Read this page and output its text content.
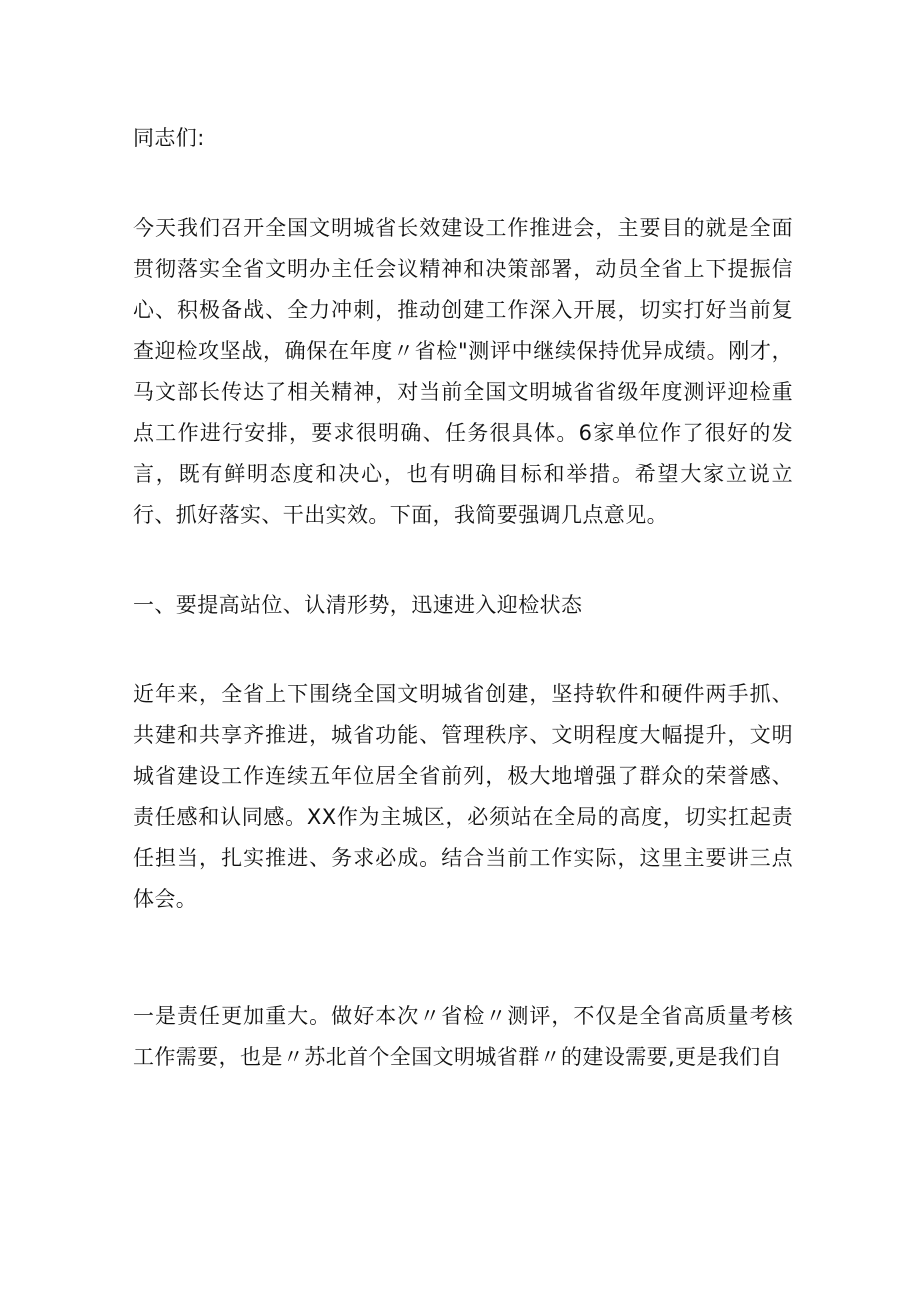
同志们:

今天我们召开全国文明城省长效建设工作推进会，主要目的就是全面贯彻落实全省文明办主任会议精神和决策部署，动员全省上下提振信心、积极备战、全力冲刺，推动创建工作深入开展，切实打好当前复查迎检攻坚战，确保在年度〃省检"测评中继续保持优异成绩。刚才，马文部长传达了相关精神，对当前全国文明城省省级年度测评迎检重点工作进行安排，要求很明确、任务很具体。6家单位作了很好的发言，既有鲜明态度和决心，也有明确目标和举措。希望大家立说立行、抓好落实、干出实效。下面，我简要强调几点意见。

一、要提高站位、认清形势，迅速进入迎检状态

近年来，全省上下围绕全国文明城省创建，坚持软件和硬件两手抓、共建和共享齐推进，城省功能、管理秩序、文明程度大幅提升，文明城省建设工作连续五年位居全省前列，极大地增强了群众的荣誉感、责任感和认同感。XX作为主城区，必须站在全局的高度，切实扛起责任担当，扎实推进、务求必成。结合当前工作实际，这里主要讲三点体会。

一是责任更加重大。做好本次〃省检〃测评，不仅是全省高质量考核工作需要，也是〃苏北首个全国文明城省群〃的建设需要,更是我们自
